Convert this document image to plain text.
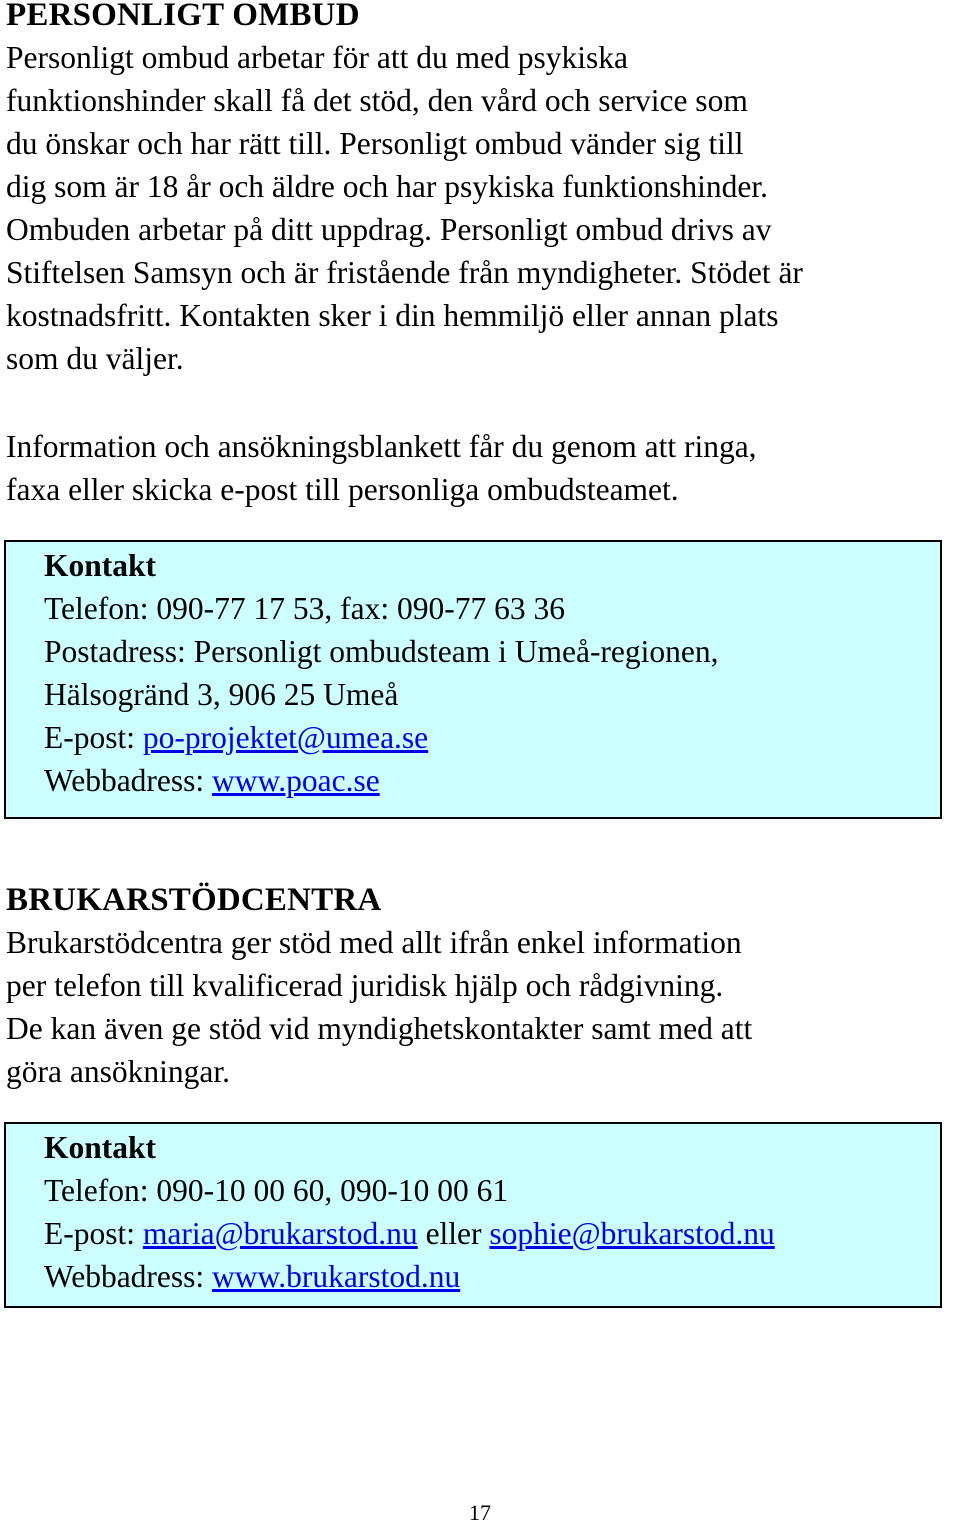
PERSONLIGT OMBUD

Personligt ombud arbetar för att du med psykiska
funktionshinder skall få det stöd, den vård och service som
du önskar och har rätt till. Personligt ombud vänder sig till
dig som är 18 år och äldre och har psykiska funktionshinder.
Ombuden arbetar på ditt uppdrag. Personligt ombud drivs av
Stiftelsen Samsyn och är fristående från myndigheter. Stödet är
kostnadsfritt. Kontakten sker i din hemmiljö eller annan plats
som du väljer.

Information och ansökningsblankett får du genom att ringa,
faxa eller skicka e-post till personliga ombudsteamet.

Kontakt
Telefon: 090-77 17 53, fax: 090-77 63 36
Postadress: Personligt ombudsteam i Umeå-regionen,
Hälsogränd 3, 906 25 Umeå
E-post: po-projektet@umea.se
Webbadress: www.poac.se
BRUKARSTÖDCENTRA

Brukarstödcentra ger stöd med allt ifrån enkel information
per telefon till kvalificerad juridisk hjälp och rådgivning.
De kan även ge stöd vid myndighetskontakter samt med att
göra ansökningar.

Kontakt
Telefon: 090-10 00 60, 090-10 00 61
E-post: maria@brukarstod.nu eller sophie@brukarstod.nu
Webbadress: www.brukarstod.nu
17
